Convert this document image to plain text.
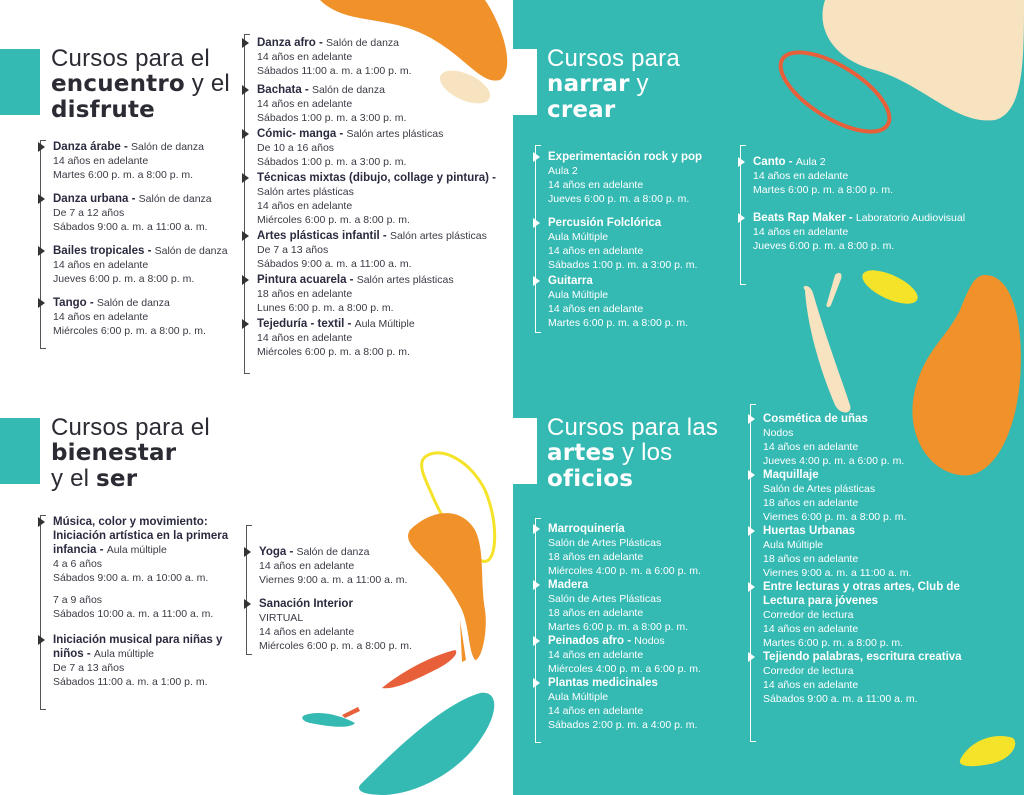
Cursos para el
encuentro y el
disfrute
Danza árabe - Salón de danza
14 años en adelante
Martes 6:00 p. m. a 8:00 p. m.
Danza urbana - Salón de danza
De 7 a 12 años
Sábados 9:00 a. m. a 11:00 a. m.
Bailes tropicales - Salón de danza
14 años en adelante
Jueves 6:00 p. m. a 8:00 p. m.
Tango - Salón de danza
14 años en adelante
Miércoles 6:00 p. m. a 8:00 p. m.
Danza afro - Salón de danza
14 años en adelante
Sábados 11:00 a. m. a 1:00 p. m.
Bachata - Salón de danza
14 años en adelante
Sábados 1:00 p. m. a 3:00 p. m.
Cómic- manga - Salón artes plásticas
De 10 a 16 años
Sábados 1:00 p. m. a 3:00 p. m.
Técnicas mixtas (dibujo, collage y pintura) - Salón artes plásticas
14 años en adelante
Miércoles 6:00 p. m. a 8:00 p. m.
Artes plásticas infantil - Salón artes plásticas
De 7 a 13 años
Sábados 9:00 a. m. a 11:00 a. m.
Pintura acuarela - Salón artes plásticas
18 años en adelante
Lunes 6:00 p. m. a 8:00 p. m.
Tejeduría - textil - Aula Múltiple
14 años en adelante
Miércoles 6:00 p. m. a 8:00 p. m.
Cursos para
narrar y
crear
Experimentación rock y pop
Aula 2
14 años en adelante
Jueves 6:00 p. m. a 8:00 p. m.
Percusión Folclórica
Aula Múltiple
14 años en adelante
Sábados 1:00 p. m. a 3:00 p. m.
Guitarra
Aula Múltiple
14 años en adelante
Martes 6:00 p. m. a 8:00 p. m.
Canto - Aula 2
14 años en adelante
Martes 6:00 p. m. a 8:00 p. m.
Beats Rap Maker - Laboratorio Audiovisual
14 años en adelante
Jueves 6:00 p. m. a 8:00 p. m.
Cursos para el
bienestar
y el ser
Música, color y movimiento: Iniciación artística en la primera infancia - Aula múltiple
4 a 6 años
Sábados 9:00 a. m. a 10:00 a. m.
7 a 9 años
Sábados 10:00 a. m. a 11:00 a. m.
Iniciación musical para niñas y niños - Aula múltiple
De 7 a 13 años
Sábados 11:00 a. m. a 1:00 p. m.
Yoga - Salón de danza
14 años en adelante
Viernes 9:00 a. m. a 11:00 a. m.
Sanación Interior
VIRTUAL
14 años en adelante
Miércoles 6:00 p. m. a 8:00 p. m.
Cursos para las
artes y los
oficios
Marroquinería
Salón de Artes Plásticas
18 años en adelante
Miércoles 4:00 p. m. a 6:00 p. m.
Madera
Salón de Artes Plásticas
18 años en adelante
Martes 6:00 p. m. a 8:00 p. m.
Peinados afro - Nodos
14 años en adelante
Miércoles 4:00 p. m. a 6:00 p. m.
Plantas medicinales
Aula Múltiple
14 años en adelante
Sábados 2:00 p. m. a 4:00 p. m.
Cosmética de uñas
Nodos
14 años en adelante
Jueves 4:00 p. m. a 6:00 p. m.
Maquillaje
Salón de Artes plásticas
18 años en adelante
Viernes 6:00 p. m. a 8:00 p. m.
Huertas Urbanas
Aula Múltiple
18 años en adelante
Viernes 9:00 a. m. a 11:00 a. m.
Entre lecturas y otras artes, Club de Lectura para jóvenes
Corredor de lectura
14 años en adelante
Martes 6:00 p. m. a 8:00 p. m.
Tejiendo palabras, escritura creativa
Corredor de lectura
14 años en adelante
Sábados 9:00 a. m. a 11:00 a. m.
